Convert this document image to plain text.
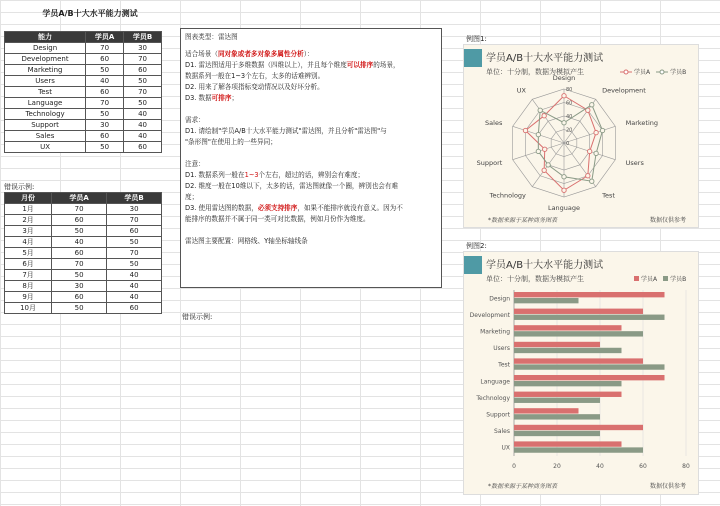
学员A/B十大水平能力测试
能力	学员A	学员B
Design	70	30
Development	60	70
Marketing	50	60
Users	40	50
Test	60	70
Language	70	50
Technology	50	40
Support	30	40
Sales	60	40
UX	50	60
错误示例:
月份	学员A	学员B
1月	70	30
2月	60	70
3月	50	60
4月	40	50
5月	60	70
6月	70	50
7月	50	40
8月	30	40
9月	60	40
10月	50	60

图表类型：雷达图

适合场景（同对象或者多对象多属性分析）：

D1. 雷达图适用于多维数据（四维以上），并且每个维度可以排序的场景，

数据系列一般在1~3个左右，太多的话难辨别。

D2. 用来了解各项指标变动情况以及好坏分析。

D3. 数据可排序；

需求：

D1. 请绘制"学员A/B十大水平能力测试"雷达图，并且分析"雷达图"与

"条形图"在使用上的一些异同；

注意：

D1. 数据系列一般在1~3个左右，超过的话，辨别会有难度；

D2. 维度一般在10维以下，太多的话，雷达图就像一个圈，辨别也会有难

度；

D3. 使用雷达图的数据，必须支持排序，如果不能排序就没有意义。因为不

能排序的数据并不属于同一类可对比数据，例如月份作为维度。

雷达图主要配置：网格线、Y轴坐标轴线条

错误示例:
例图1:
学员A/B十大水平能力测试
单位：十分制，数据为模拟产生	学员A	学员B
Design
Development
Marketing
Users
Test
Language
Technology
Support
Sales
UX
0
20
40
60
80
*数据来源于某种商务图表	数据仅供参考
例图2:
学员A/B十大水平能力测试
单位：十分制，数据为模拟产生	学员A 学员B
0	20	40	60	80
Design
Development
Marketing
Users
Test
Language
Technology
Support
Sales
UX
*数据来源于某种商务图表	数据仅供参考
